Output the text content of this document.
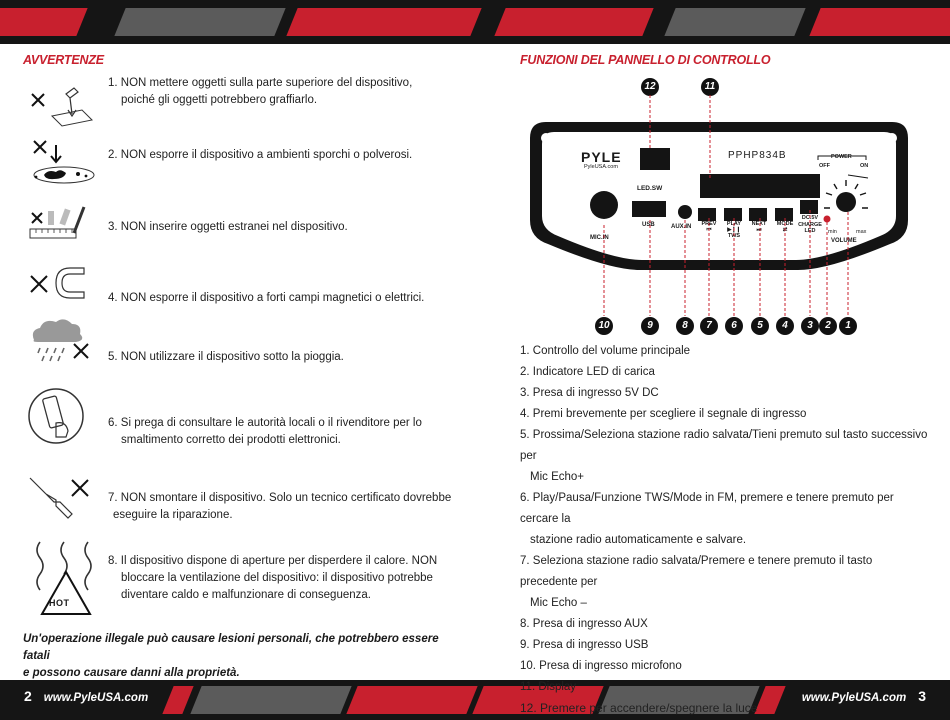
2 www.PyleUSA.com	www.PyleUSA.com 3
AVVERTENZE
1. NON mettere oggetti sulla parte superiore del dispositivo,
poiché gli oggetti potrebbero graffiarlo.
2. NON esporre il dispositivo a ambienti sporchi o polverosi.
3. NON inserire oggetti estranei nel dispositivo.
4. NON esporre il dispositivo a forti campi magnetici o elettrici.
5. NON utilizzare il dispositivo sotto la pioggia.
6. Si prega di consultare le autorità locali o il rivenditore per lo
smaltimento corretto dei prodotti elettronici.
7. NON smontare il dispositivo. Solo un tecnico certificato dovrebbe
eseguire la riparazione.
HOT
8. Il dispositivo dispone di aperture per disperdere il calore. NON
bloccare la ventilazione del dispositivo: il dispositivo potrebbe
diventare caldo e malfunzionare di conseguenza.
Un'operazione illegale può causare lesioni personali, che potrebbero essere fatali
e possono causare danni alla proprietà.
FUNZIONI DEL PANNELLO DI CONTROLLO
12	11
PYLE
PyleUSA.com
PPHP834B
LED.SW
USB	AUX.IN
MIC.IN
PREV
⏮
PLAY
▶❙❙
TWS
NEXT
⏭
MODE
⇄
DC.5V
CHARGE
LED
POWER
OFF	ON
min	max
VOLUME
10	9	8	7	6	5	4	3	2	1
1. Controllo del volume principale
2. Indicatore LED di carica
3. Presa di ingresso 5V DC
4. Premi brevemente per scegliere il segnale di ingresso
5. Prossima/Seleziona stazione radio salvata/Tieni premuto sul tasto successivo per
Mic Echo+
6. Play/Pausa/Funzione TWS/Mode in FM, premere e tenere premuto per cercare la
stazione radio automaticamente e salvare.
7. Seleziona stazione radio salvata/Premere e tenere premuto il tasto precedente per
Mic Echo –
8. Presa di ingresso AUX
9. Presa di ingresso USB
10. Presa di ingresso microfono
11. Display
12. Premere per accendere/spegnere la luce
